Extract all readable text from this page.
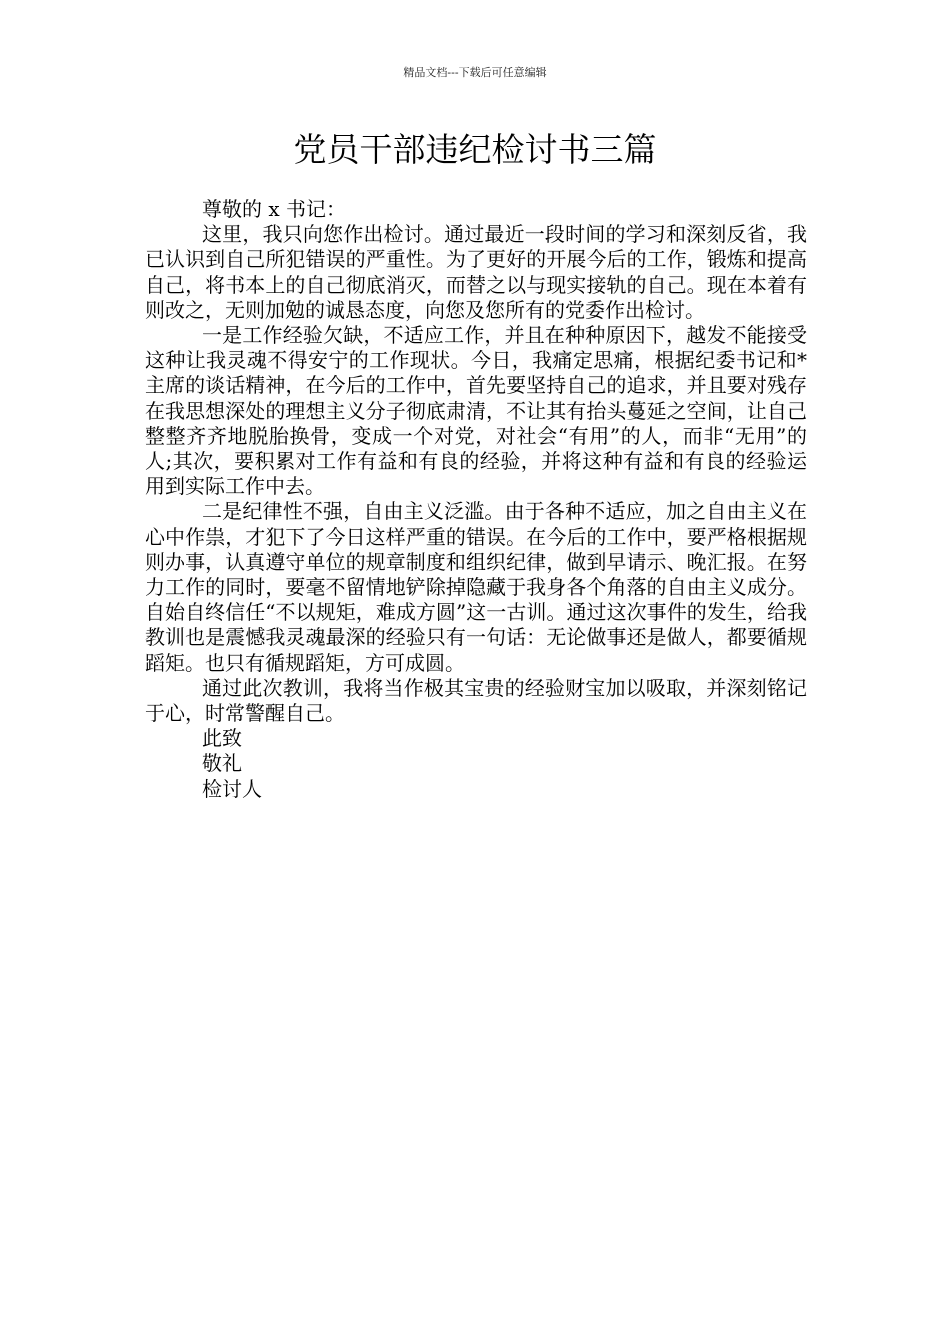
精品文档---下载后可任意编辑
党员干部违纪检讨书三篇

尊敬的 x 书记：

这里，我只向您作出检讨。通过最近一段时间的学习和深刻反省，我已认识到自己所犯错误的严重性。为了更好的开展今后的工作，锻炼和提高自己，将书本上的自己彻底消灭，而替之以与现实接轨的自己。现在本着有则改之，无则加勉的诚恳态度，向您及您所有的党委作出检讨。

一是工作经验欠缺，不适应工作，并且在种种原因下，越发不能接受这种让我灵魂不得安宁的工作现状。今日，我痛定思痛，根据纪委书记和*主席的谈话精神，在今后的工作中，首先要坚持自己的追求，并且要对残存在我思想深处的理想主义分子彻底肃清，不让其有抬头蔓延之空间，让自己整整齐齐地脱胎换骨，变成一个对党，对社会“有用”的人，而非“无用”的人;其次，要积累对工作有益和有良的经验，并将这种有益和有良的经验运用到实际工作中去。

二是纪律性不强，自由主义泛滥。由于各种不适应，加之自由主义在心中作祟，才犯下了今日这样严重的错误。在今后的工作中，要严格根据规则办事，认真遵守单位的规章制度和组织纪律，做到早请示、晚汇报。在努力工作的同时，要毫不留情地铲除掉隐藏于我身各个角落的自由主义成分。自始自终信任“不以规矩，难成方圆”这一古训。通过这次事件的发生，给我教训也是震憾我灵魂最深的经验只有一句话：无论做事还是做人，都要循规蹈矩。也只有循规蹈矩，方可成圆。

通过此次教训，我将当作极其宝贵的经验财宝加以吸取，并深刻铭记于心，时常警醒自己。

此致

敬礼

检讨人
